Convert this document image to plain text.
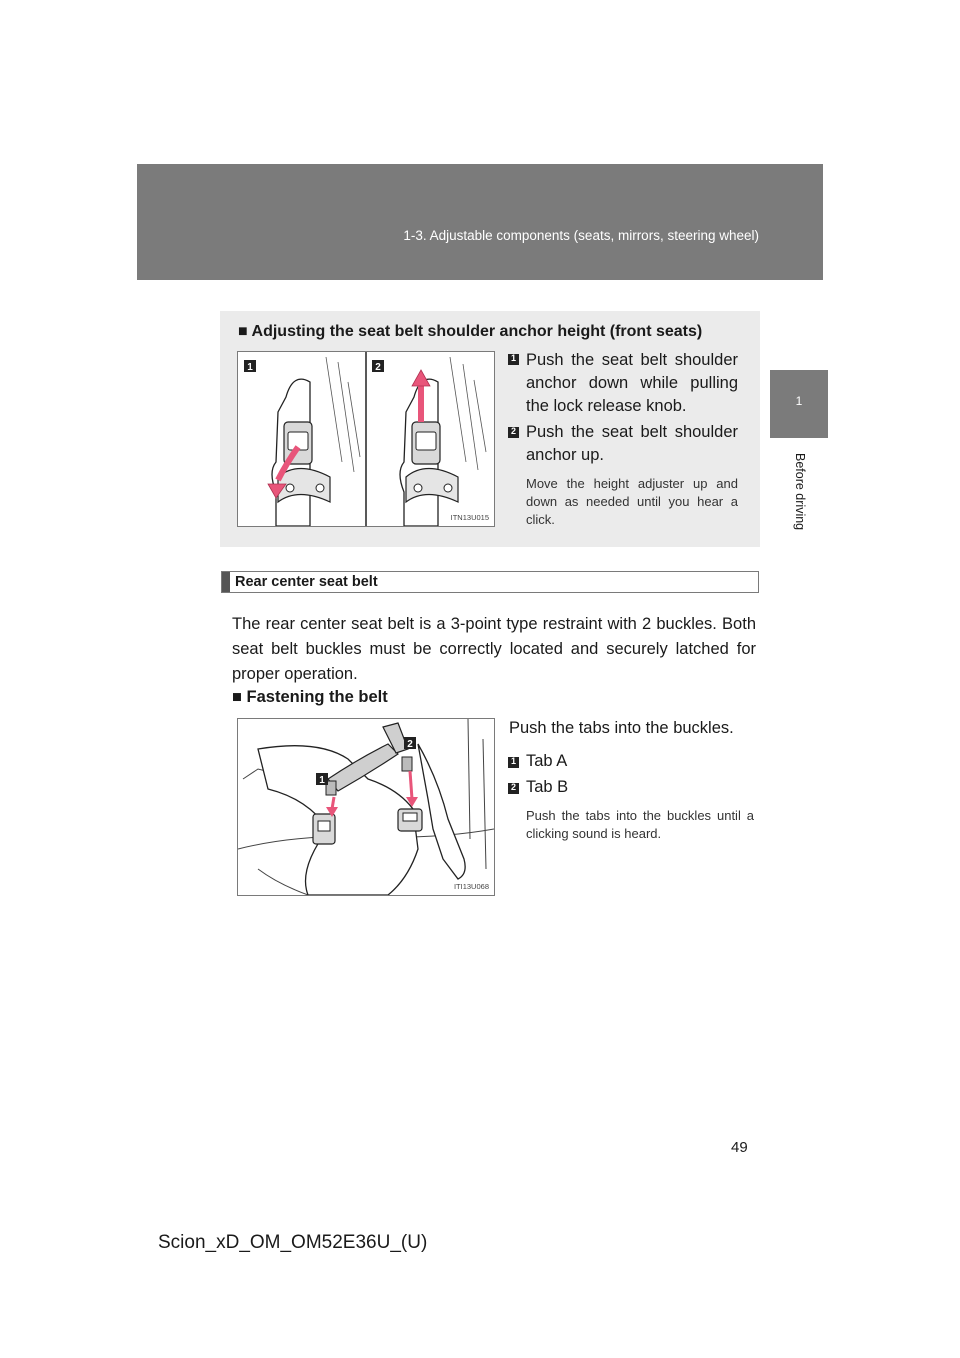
1-3. Adjustable components (seats, mirrors, steering wheel)
1
Before driving
■ Adjusting the seat belt shoulder anchor height (front seats)
1	2
ITN13U015
1 Push the seat belt shoulder anchor down while pulling the lock release knob.
2 Push the seat belt shoulder anchor up.
Move the height adjuster up and down as needed until you hear a click.
Rear center seat belt
The rear center seat belt is a 3-point type restraint with 2 buckles. Both seat belt buckles must be correctly located and securely latched for proper operation.
■ Fastening the belt
1
2
ITI13U068
Push the tabs into the buckles.
1 Tab A
2 Tab B
Push the tabs into the buckles until a clicking sound is heard.
49
Scion_xD_OM_OM52E36U_(U)
